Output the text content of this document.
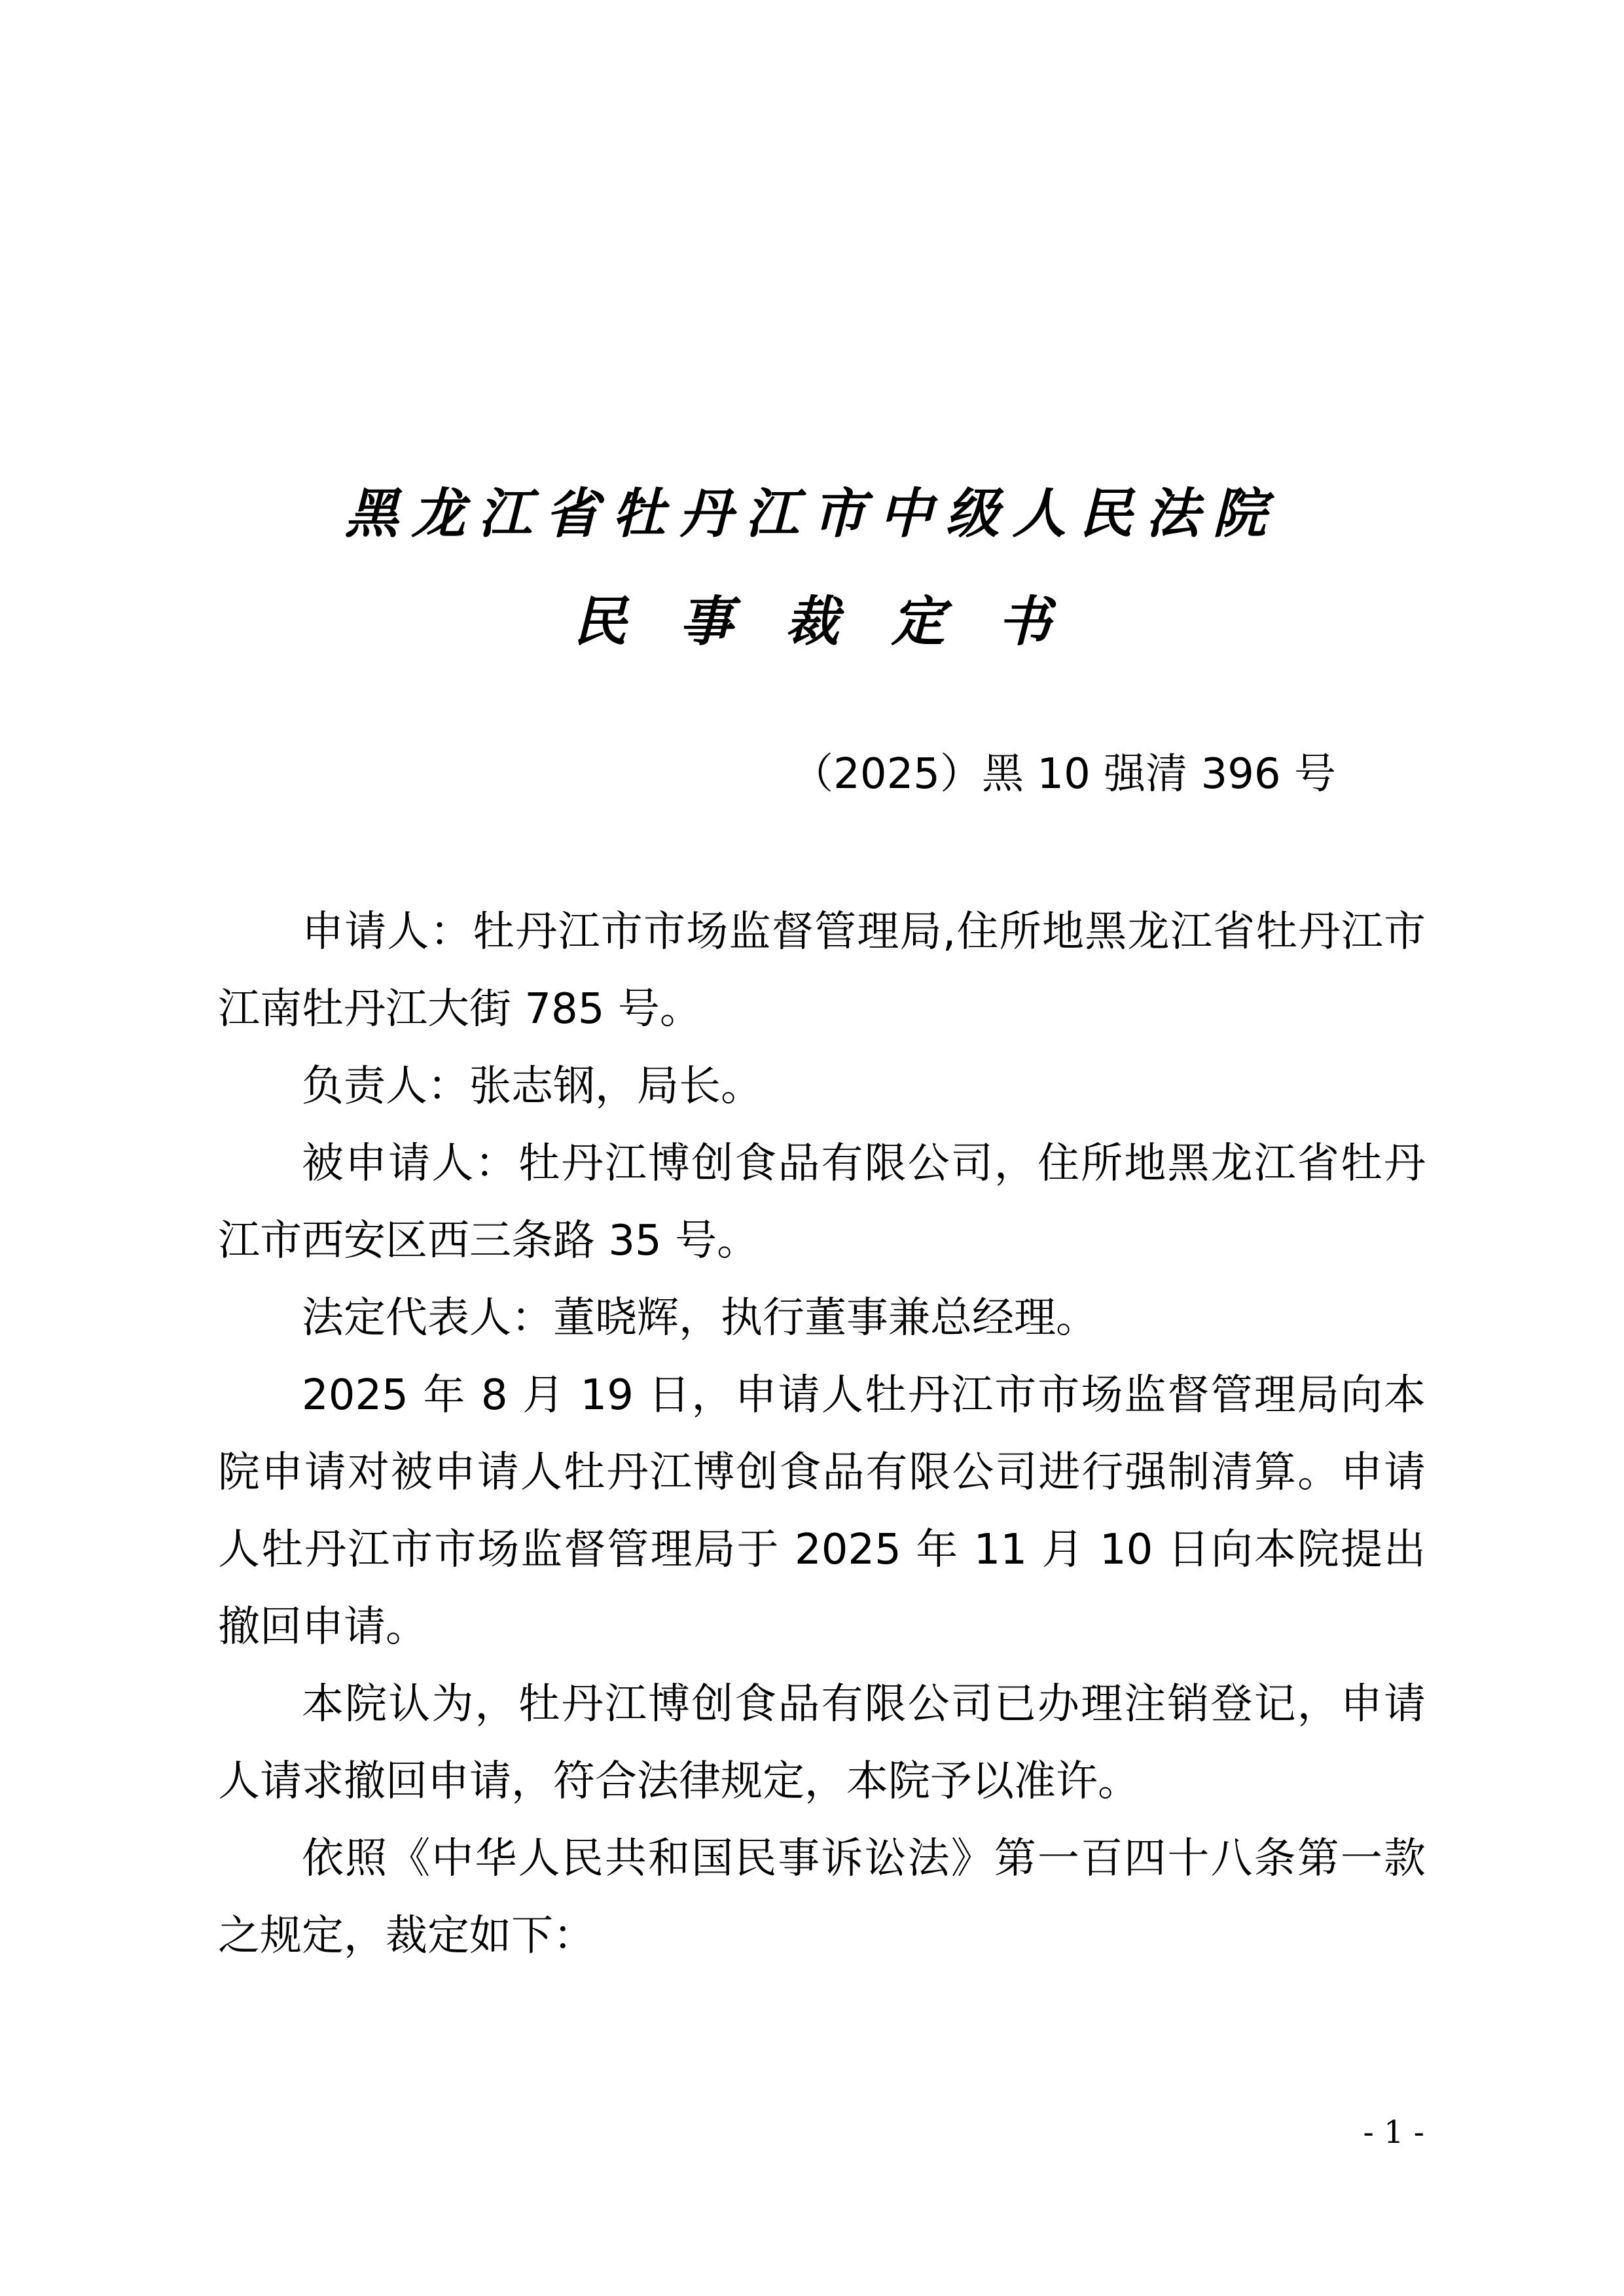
黑龙江省牡丹江市中级人民法院
民事裁定书

（2025）黑 10 强清 396 号

申请人：牡丹江市市场监督管理局,住所地黑龙江省牡丹江市江南牡丹江大街 785 号。

负责人：张志钢，局长。

被申请人：牡丹江博创食品有限公司，住所地黑龙江省牡丹江市西安区西三条路 35 号。

法定代表人：董晓辉，执行董事兼总经理。

2025 年 8 月 19 日，申请人牡丹江市市场监督管理局向本院申请对被申请人牡丹江博创食品有限公司进行强制清算。申请人牡丹江市市场监督管理局于 2025 年 11 月 10 日向本院提出撤回申请。

本院认为，牡丹江博创食品有限公司已办理注销登记，申请人请求撤回申请，符合法律规定，本院予以准许。

依照《中华人民共和国民事诉讼法》第一百四十八条第一款之规定，裁定如下：

- 1 -
